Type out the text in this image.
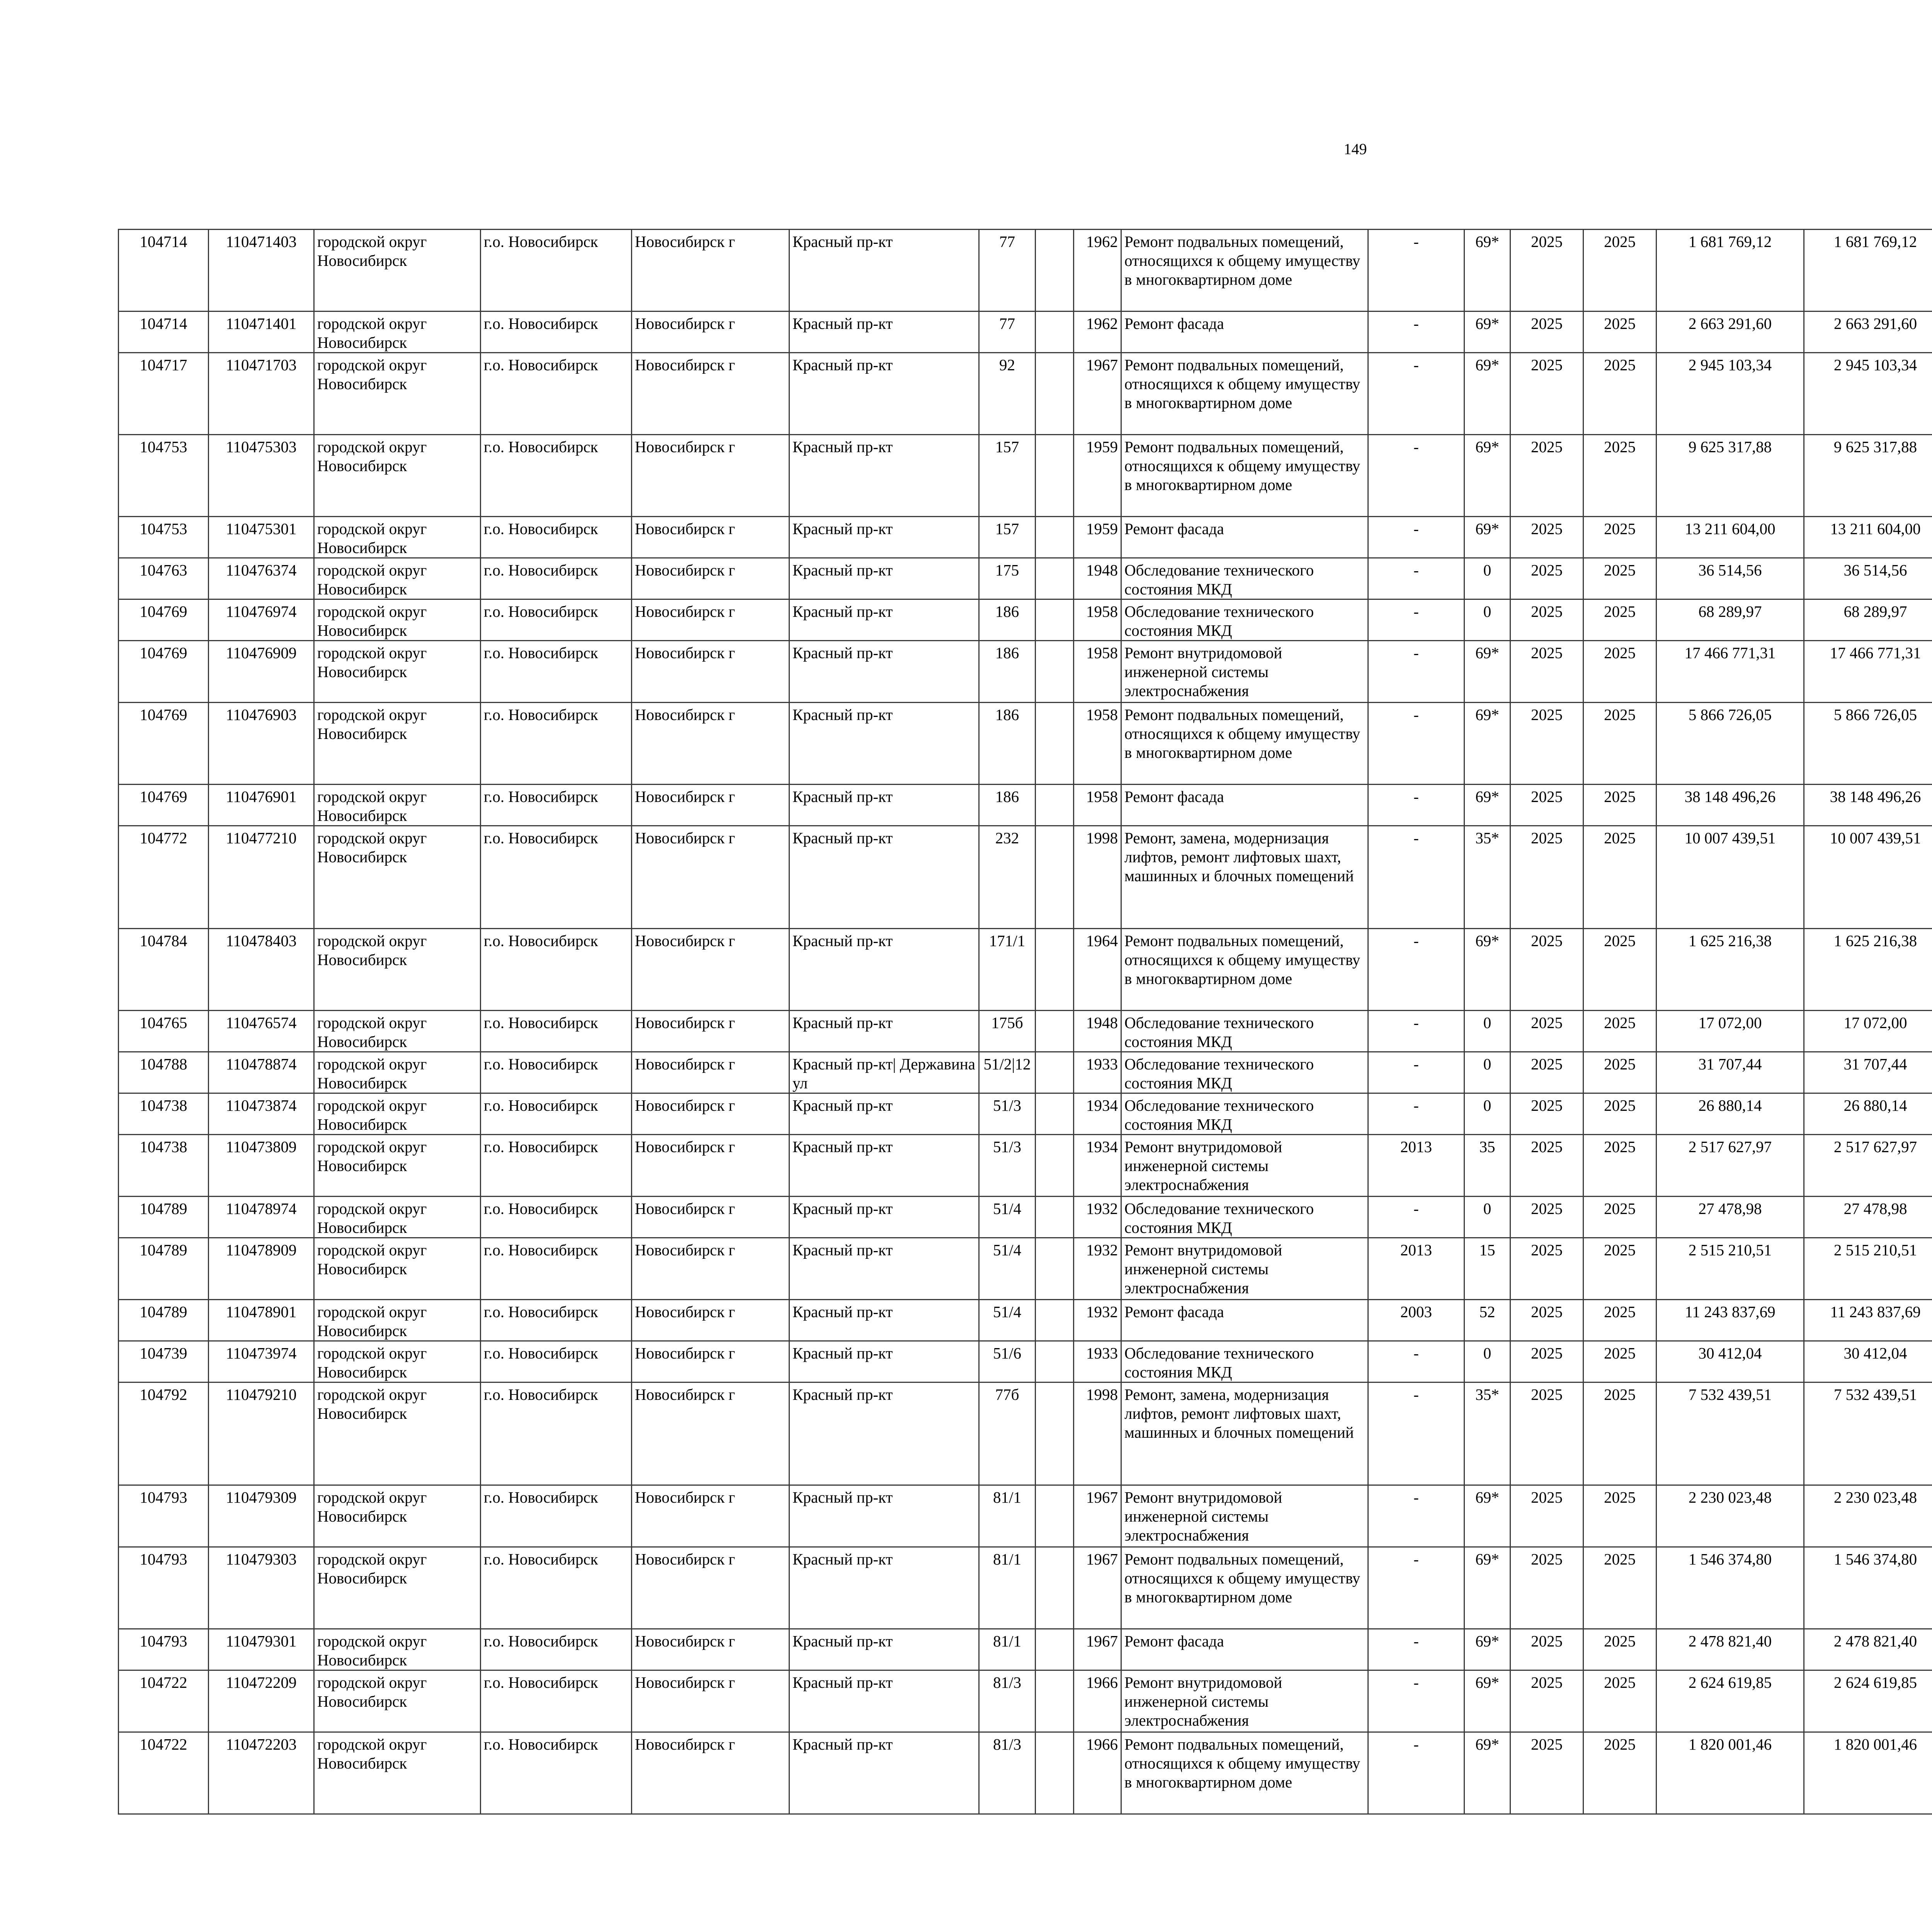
149
104714	110471403	городской округ Новосибирск	г.о. Новосибирск	Новосибирск г	Красный пр-кт	77		1962	Ремонт подвальных помещений, относящихся к общему имуществу в многоквартирном доме	-	69*	2025	2025	1 681 769,12	1 681 769,12						
104714	110471401	городской округ Новосибирск	г.о. Новосибирск	Новосибирск г	Красный пр-кт	77		1962	Ремонт фасада	-	69*	2025	2025	2 663 291,60	2 663 291,60						
104717	110471703	городской округ Новосибирск	г.о. Новосибирск	Новосибирск г	Красный пр-кт	92		1967	Ремонт подвальных помещений, относящихся к общему имуществу в многоквартирном доме	-	69*	2025	2025	2 945 103,34	2 945 103,34						
104753	110475303	городской округ Новосибирск	г.о. Новосибирск	Новосибирск г	Красный пр-кт	157		1959	Ремонт подвальных помещений, относящихся к общему имуществу в многоквартирном доме	-	69*	2025	2025	9 625 317,88	9 625 317,88						
104753	110475301	городской округ Новосибирск	г.о. Новосибирск	Новосибирск г	Красный пр-кт	157		1959	Ремонт фасада	-	69*	2025	2025	13 211 604,00	13 211 604,00						
104763	110476374	городской округ Новосибирск	г.о. Новосибирск	Новосибирск г	Красный пр-кт	175		1948	Обследование технического состояния МКД	-	0	2025	2025	36 514,56	36 514,56						
104769	110476974	городской округ Новосибирск	г.о. Новосибирск	Новосибирск г	Красный пр-кт	186		1958	Обследование технического состояния МКД	-	0	2025	2025	68 289,97	68 289,97						
104769	110476909	городской округ Новосибирск	г.о. Новосибирск	Новосибирск г	Красный пр-кт	186		1958	Ремонт внутридомовой инженерной системы электроснабжения	-	69*	2025	2025	17 466 771,31	17 466 771,31						
104769	110476903	городской округ Новосибирск	г.о. Новосибирск	Новосибирск г	Красный пр-кт	186		1958	Ремонт подвальных помещений, относящихся к общему имуществу в многоквартирном доме	-	69*	2025	2025	5 866 726,05	5 866 726,05						
104769	110476901	городской округ Новосибирск	г.о. Новосибирск	Новосибирск г	Красный пр-кт	186		1958	Ремонт фасада	-	69*	2025	2025	38 148 496,26	38 148 496,26						
104772	110477210	городской округ Новосибирск	г.о. Новосибирск	Новосибирск г	Красный пр-кт	232		1998	Ремонт, замена, модернизация лифтов, ремонт лифтовых шахт, машинных и блочных помещений	-	35*	2025	2025	10 007 439,51	10 007 439,51						
104784	110478403	городской округ Новосибирск	г.о. Новосибирск	Новосибирск г	Красный пр-кт	171/1		1964	Ремонт подвальных помещений, относящихся к общему имуществу в многоквартирном доме	-	69*	2025	2025	1 625 216,38	1 625 216,38						
104765	110476574	городской округ Новосибирск	г.о. Новосибирск	Новосибирск г	Красный пр-кт	175б		1948	Обследование технического состояния МКД	-	0	2025	2025	17 072,00	17 072,00						
104788	110478874	городской округ Новосибирск	г.о. Новосибирск	Новосибирск г	Красный пр-кт| Державина ул	51/2|12		1933	Обследование технического состояния МКД	-	0	2025	2025	31 707,44	31 707,44						
104738	110473874	городской округ Новосибирск	г.о. Новосибирск	Новосибирск г	Красный пр-кт	51/3		1934	Обследование технического состояния МКД	-	0	2025	2025	26 880,14	26 880,14						
104738	110473809	городской округ Новосибирск	г.о. Новосибирск	Новосибирск г	Красный пр-кт	51/3		1934	Ремонт внутридомовой инженерной системы электроснабжения	2013	35	2025	2025	2 517 627,97	2 517 627,97						
104789	110478974	городской округ Новосибирск	г.о. Новосибирск	Новосибирск г	Красный пр-кт	51/4		1932	Обследование технического состояния МКД	-	0	2025	2025	27 478,98	27 478,98						
104789	110478909	городской округ Новосибирск	г.о. Новосибирск	Новосибирск г	Красный пр-кт	51/4		1932	Ремонт внутридомовой инженерной системы электроснабжения	2013	15	2025	2025	2 515 210,51	2 515 210,51						
104789	110478901	городской округ Новосибирск	г.о. Новосибирск	Новосибирск г	Красный пр-кт	51/4		1932	Ремонт фасада	2003	52	2025	2025	11 243 837,69	11 243 837,69						
104739	110473974	городской округ Новосибирск	г.о. Новосибирск	Новосибирск г	Красный пр-кт	51/6		1933	Обследование технического состояния МКД	-	0	2025	2025	30 412,04	30 412,04						
104792	110479210	городской округ Новосибирск	г.о. Новосибирск	Новосибирск г	Красный пр-кт	77б		1998	Ремонт, замена, модернизация лифтов, ремонт лифтовых шахт, машинных и блочных помещений	-	35*	2025	2025	7 532 439,51	7 532 439,51						
104793	110479309	городской округ Новосибирск	г.о. Новосибирск	Новосибирск г	Красный пр-кт	81/1		1967	Ремонт внутридомовой инженерной системы электроснабжения	-	69*	2025	2025	2 230 023,48	2 230 023,48						
104793	110479303	городской округ Новосибирск	г.о. Новосибирск	Новосибирск г	Красный пр-кт	81/1		1967	Ремонт подвальных помещений, относящихся к общему имуществу в многоквартирном доме	-	69*	2025	2025	1 546 374,80	1 546 374,80						
104793	110479301	городской округ Новосибирск	г.о. Новосибирск	Новосибирск г	Красный пр-кт	81/1		1967	Ремонт фасада	-	69*	2025	2025	2 478 821,40	2 478 821,40						
104722	110472209	городской округ Новосибирск	г.о. Новосибирск	Новосибирск г	Красный пр-кт	81/3		1966	Ремонт внутридомовой инженерной системы электроснабжения	-	69*	2025	2025	2 624 619,85	2 624 619,85						
104722	110472203	городской округ Новосибирск	г.о. Новосибирск	Новосибирск г	Красный пр-кт	81/3		1966	Ремонт подвальных помещений, относящихся к общему имуществу в многоквартирном доме	-	69*	2025	2025	1 820 001,46	1 820 001,46						
